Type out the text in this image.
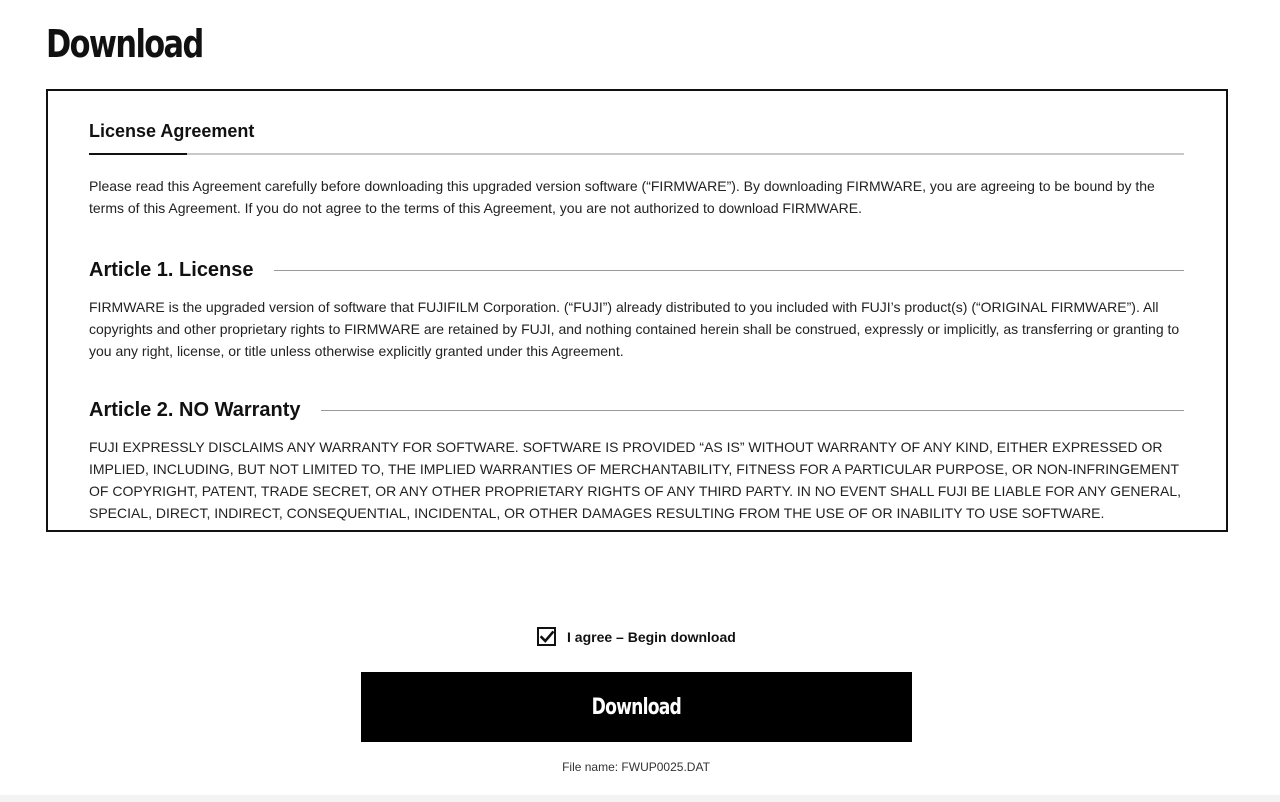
Download
License Agreement

Please read this Agreement carefully before downloading this upgraded version software (“FIRMWARE”). By downloading FIRMWARE, you are agreeing to be bound by the terms of this Agreement. If you do not agree to the terms of this Agreement, you are not authorized to download FIRMWARE.

Article 1. License

FIRMWARE is the upgraded version of software that FUJIFILM Corporation. (“FUJI”) already distributed to you included with FUJI’s product(s) (“ORIGINAL FIRMWARE”). All copyrights and other proprietary rights to FIRMWARE are retained by FUJI, and nothing contained herein shall be construed, expressly or implicitly, as transferring or granting to you any right, license, or title unless otherwise explicitly granted under this Agreement.

Article 2. NO Warranty

FUJI EXPRESSLY DISCLAIMS ANY WARRANTY FOR SOFTWARE. SOFTWARE IS PROVIDED “AS IS” WITHOUT WARRANTY OF ANY KIND, EITHER EXPRESSED OR IMPLIED, INCLUDING, BUT NOT LIMITED TO, THE IMPLIED WARRANTIES OF MERCHANTABILITY, FITNESS FOR A PARTICULAR PURPOSE, OR NON-INFRINGEMENT OF COPYRIGHT, PATENT, TRADE SECRET, OR ANY OTHER PROPRIETARY RIGHTS OF ANY THIRD PARTY. IN NO EVENT SHALL FUJI BE LIABLE FOR ANY GENERAL, SPECIAL, DIRECT, INDIRECT, CONSEQUENTIAL, INCIDENTAL, OR OTHER DAMAGES RESULTING FROM THE USE OF OR INABILITY TO USE SOFTWARE.

I agree – Begin download
Download
File name: FWUP0025.DAT
